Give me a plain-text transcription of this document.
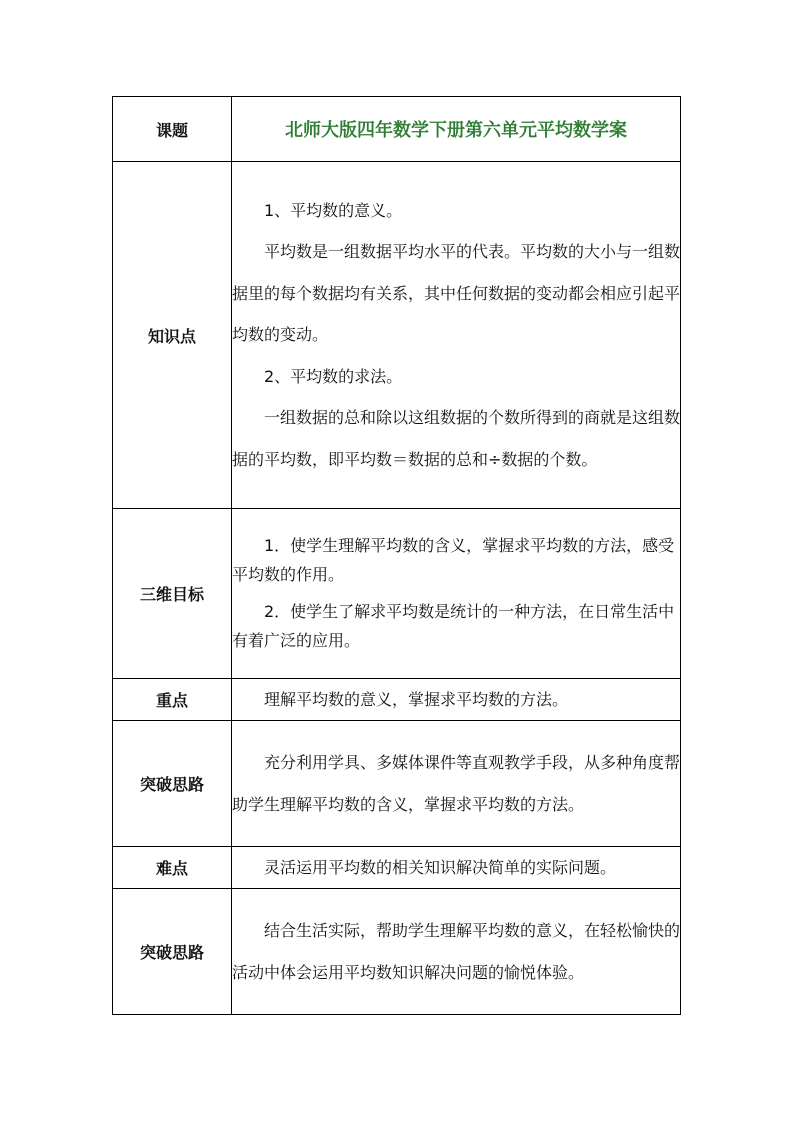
课题	北师大版四年数学下册第六单元平均数学案
知识点	1、平均数的意义。

平均数是一组数据平均水平的代表。平均数的大小与一组数据里的每个数据均有关系，其中任何数据的变动都会相应引起平均数的变动。

2、平均数的求法。

一组数据的总和除以这组数据的个数所得到的商就是这组数据的平均数，即平均数＝数据的总和÷数据的个数。

三维目标	1．使学生理解平均数的含义，掌握求平均数的方法，感受平均数的作用。

2．使学生了解求平均数是统计的一种方法，在日常生活中有着广泛的应用。

重点	理解平均数的意义，掌握求平均数的方法。

突破思路	充分利用学具、多媒体课件等直观教学手段，从多种角度帮助学生理解平均数的含义，掌握求平均数的方法。

难点	灵活运用平均数的相关知识解决简单的实际问题。

突破思路	结合生活实际，帮助学生理解平均数的意义，在轻松愉快的活动中体会运用平均数知识解决问题的愉悦体验。
